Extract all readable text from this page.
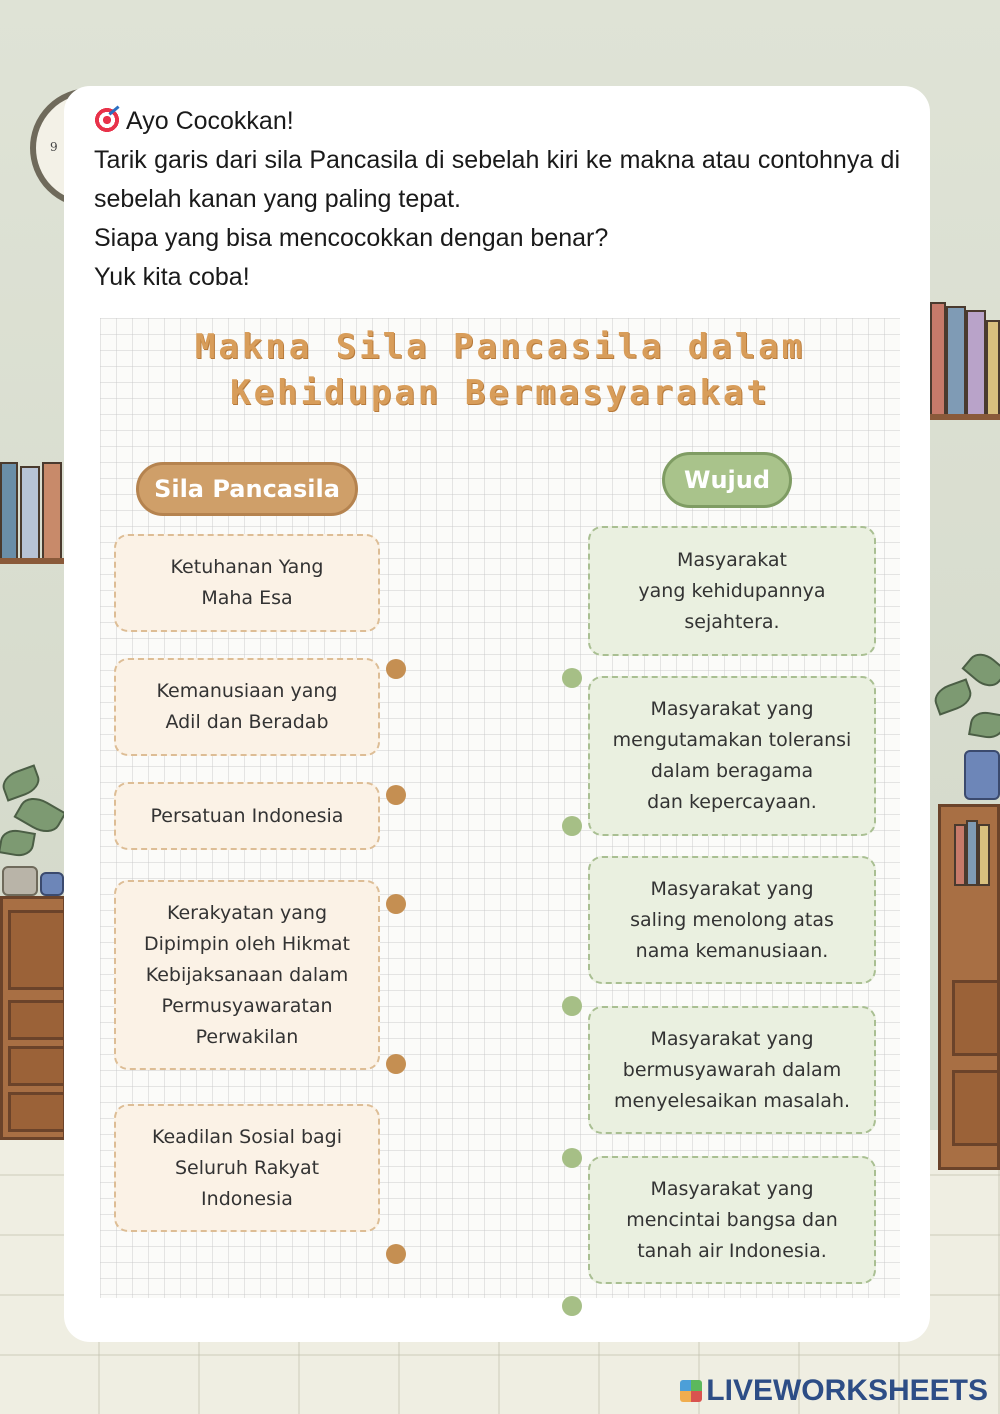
9

Ayo Cocokkan!

Tarik garis dari sila Pancasila di sebelah kiri ke makna atau contohnya di sebelah kanan yang paling tepat.

Siapa yang bisa mencocokkan dengan benar?

Yuk kita coba!

Makna Sila Pancasila dalam
Kehidupan Bermasyarakat
Sila Pancasila	Wujud
Ketuhanan Yang
Maha Esa
Kemanusiaan yang
Adil dan Beradab
Persatuan Indonesia
Kerakyatan yang
Dipimpin oleh Hikmat
Kebijaksanaan dalam
Permusyawaratan
Perwakilan
Keadilan Sosial bagi
Seluruh Rakyat
Indonesia
Masyarakat
yang kehidupannya
sejahtera.
Masyarakat yang
mengutamakan toleransi
dalam beragama
dan kepercayaan.
Masyarakat yang
saling menolong atas
nama kemanusiaan.
Masyarakat yang
bermusyawarah dalam
menyelesaikan masalah.
Masyarakat yang
mencintai bangsa dan
tanah air Indonesia.
LIVEWORKSHEETS
